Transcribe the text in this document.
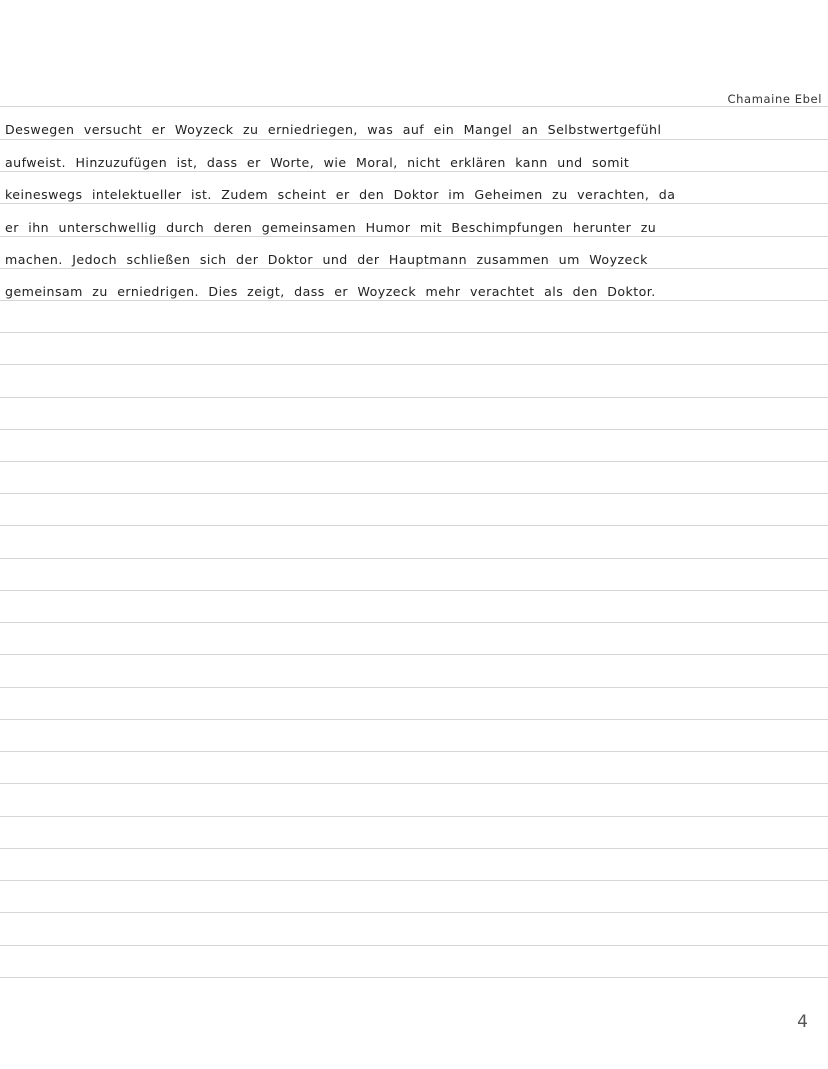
Chamaine Ebel
Deswegen versucht er Woyzeck zu erniedriegen, was auf ein Mangel an Selbstwertgefühl
aufweist. Hinzuzufügen ist, dass er Worte, wie Moral, nicht erklären kann und somit
keineswegs intelektueller ist. Zudem scheint er den Doktor im Geheimen zu verachten, da
er ihn unterschwellig durch deren gemeinsamen Humor mit Beschimpfungen herunter zu
machen. Jedoch schließen sich der Doktor und der Hauptmann zusammen um Woyzeck
gemeinsam zu erniedrigen. Dies zeigt, dass er Woyzeck mehr verachtet als den Doktor.
4
